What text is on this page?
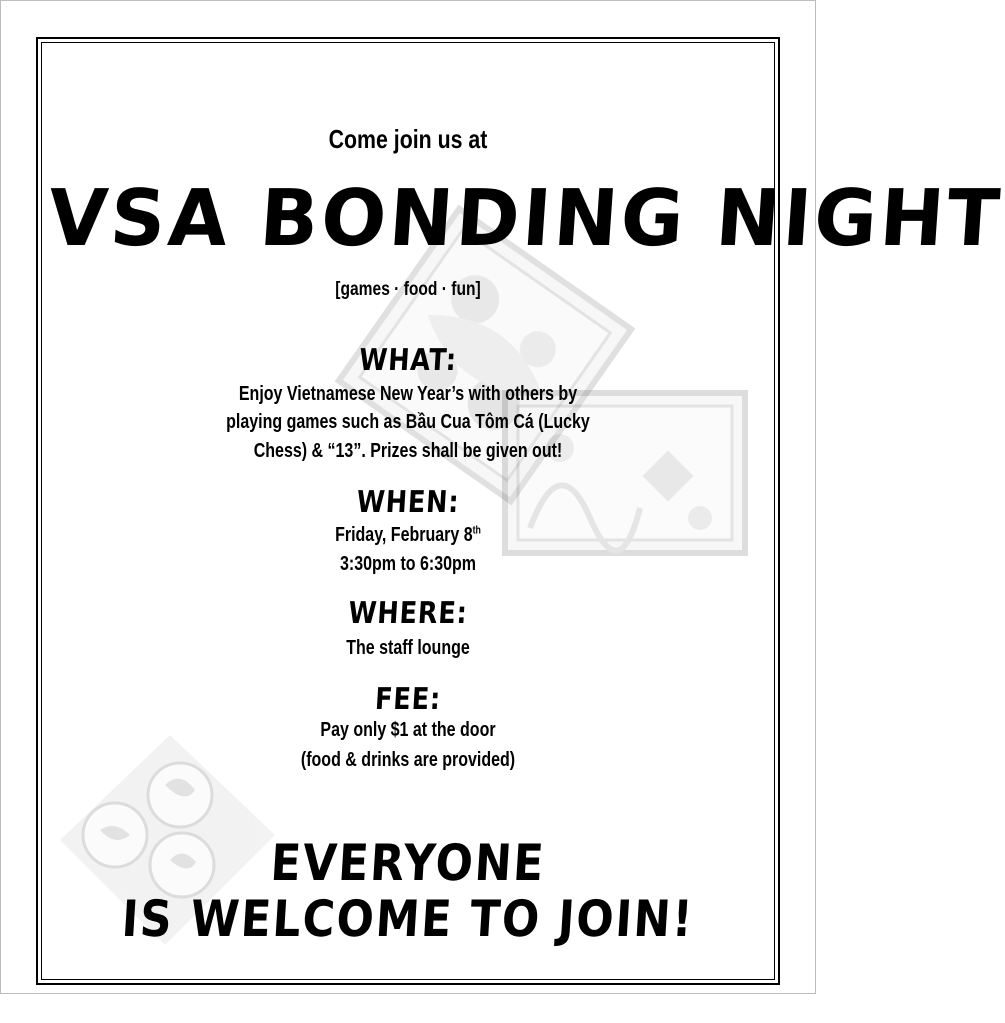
Come join us at
VSA BONDING NIGHT
[games · food · fun]
WHAT:
Enjoy Vietnamese New Year’s with others by
playing games such as Bầu Cua Tôm Cá (Lucky
Chess) & “13”. Prizes shall be given out!
WHEN:
Friday, February 8th
3:30pm to 6:30pm
WHERE:
The staff lounge
FEE:
Pay only $1 at the door
(food & drinks are provided)
EVERYONE
IS WELCOME TO JOIN!
